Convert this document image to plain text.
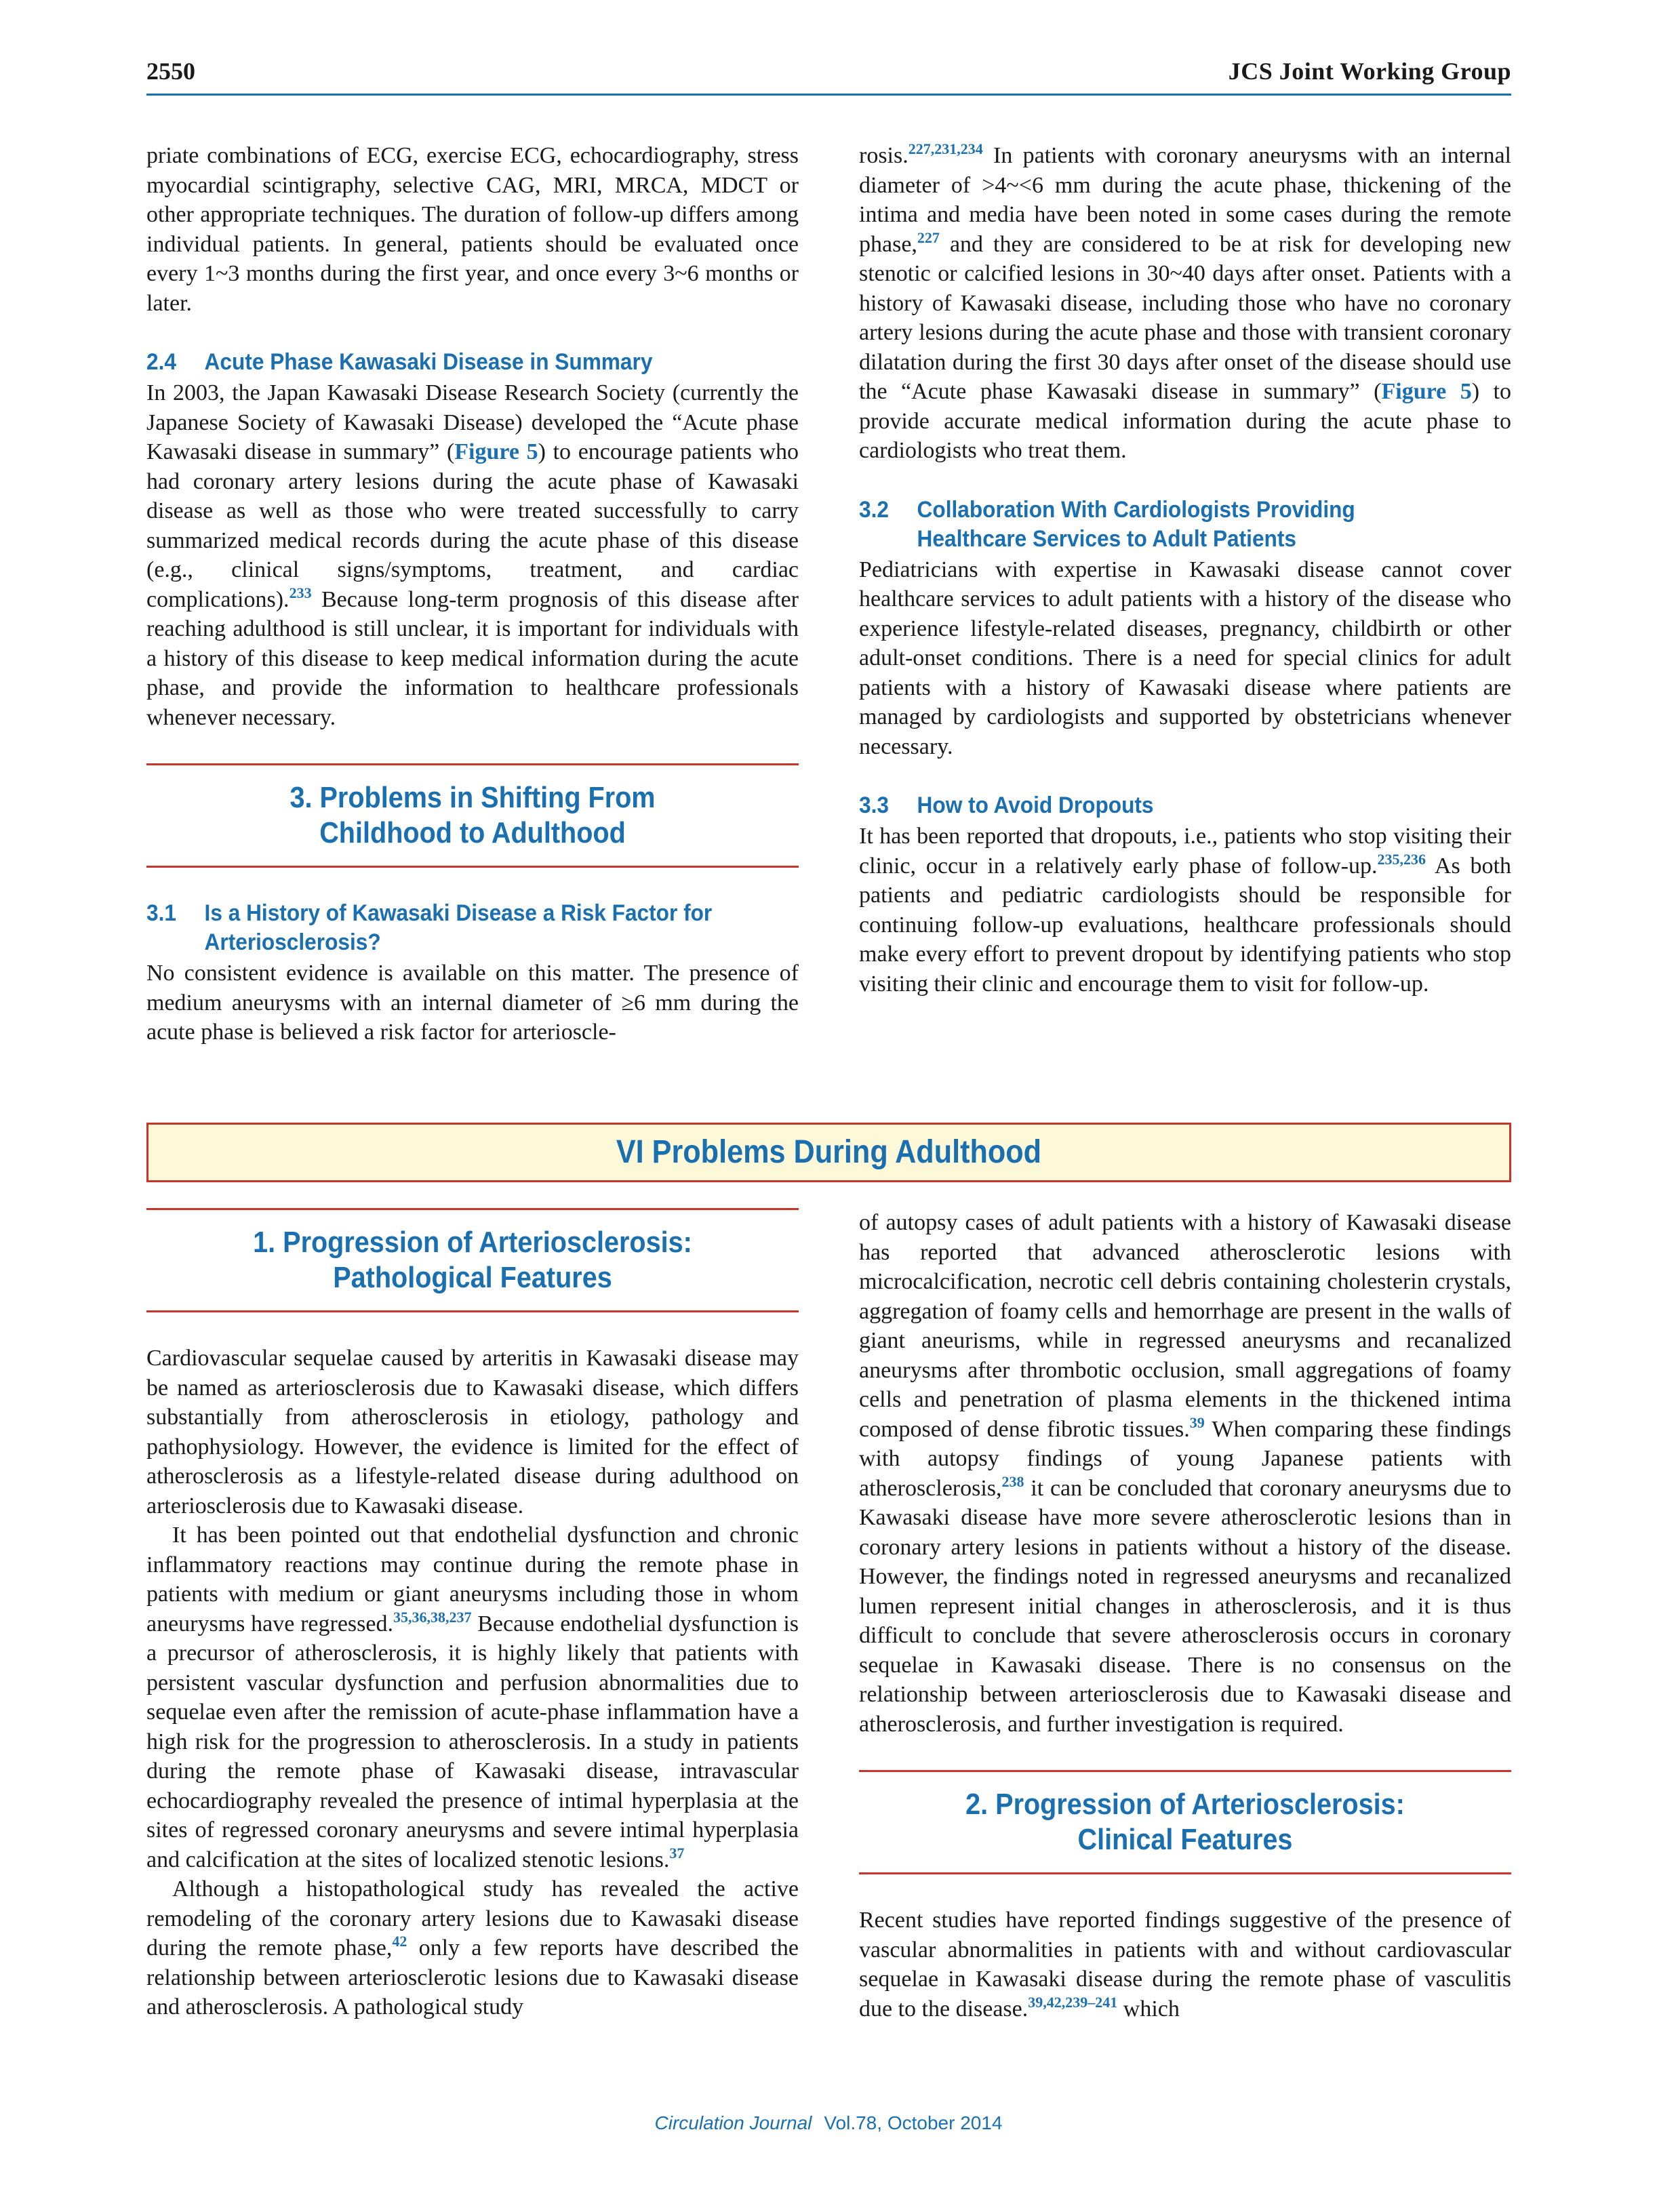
2550	JCS Joint Working Group

priate combinations of ECG, exercise ECG, echocardiography, stress myocardial scintigraphy, selective CAG, MRI, MRCA, MDCT or other appropriate techniques. The duration of follow-up differs among individual patients. In general, patients should be evaluated once every 1~3 months during the first year, and once every 3~6 months or later.

2.4 Acute Phase Kawasaki Disease in Summary

In 2003, the Japan Kawasaki Disease Research Society (currently the Japanese Society of Kawasaki Disease) developed the “Acute phase Kawasaki disease in summary” (Figure 5) to encourage patients who had coronary artery lesions during the acute phase of Kawasaki disease as well as those who were treated successfully to carry summarized medical records during the acute phase of this disease (e.g., clinical signs/symptoms, treatment, and cardiac complications).$^{233}$ Because long-term prognosis of this disease after reaching adulthood is still unclear, it is important for individuals with a history of this disease to keep medical information during the acute phase, and provide the information to healthcare professionals whenever necessary.

3. Problems in Shifting From
Childhood to Adulthood
3.1 Is a History of Kawasaki Disease a Risk Factor for Arteriosclerosis?

No consistent evidence is available on this matter. The presence of medium aneurysms with an internal diameter of ≥6 mm during the acute phase is believed a risk factor for arterioscle-

rosis.$^{227,231,234}$ In patients with coronary aneurysms with an internal diameter of >4~<6 mm during the acute phase, thickening of the intima and media have been noted in some cases during the remote phase,$^{227}$ and they are considered to be at risk for developing new stenotic or calcified lesions in 30~40 days after onset. Patients with a history of Kawasaki disease, including those who have no coronary artery lesions during the acute phase and those with transient coronary dilatation during the first 30 days after onset of the disease should use the “Acute phase Kawasaki disease in summary” (Figure 5) to provide accurate medical information during the acute phase to cardiologists who treat them.

3.2 Collaboration With Cardiologists Providing Healthcare Services to Adult Patients

Pediatricians with expertise in Kawasaki disease cannot cover healthcare services to adult patients with a history of the disease who experience lifestyle-related diseases, pregnancy, childbirth or other adult-onset conditions. There is a need for special clinics for adult patients with a history of Kawasaki disease where patients are managed by cardiologists and supported by obstetricians whenever necessary.

3.3 How to Avoid Dropouts

It has been reported that dropouts, i.e., patients who stop visiting their clinic, occur in a relatively early phase of follow-up.$^{235,236}$ As both patients and pediatric cardiologists should be responsible for continuing follow-up evaluations, healthcare professionals should make every effort to prevent dropout by identifying patients who stop visiting their clinic and encourage them to visit for follow-up.

VI Problems During Adulthood
1. Progression of Arteriosclerosis:
Pathological Features

Cardiovascular sequelae caused by arteritis in Kawasaki disease may be named as arteriosclerosis due to Kawasaki disease, which differs substantially from atherosclerosis in etiology, pathology and pathophysiology. However, the evidence is limited for the effect of atherosclerosis as a lifestyle-related disease during adulthood on arteriosclerosis due to Kawasaki disease.

It has been pointed out that endothelial dysfunction and chronic inflammatory reactions may continue during the remote phase in patients with medium or giant aneurysms including those in whom aneurysms have regressed.$^{35,36,38,237}$ Because endothelial dysfunction is a precursor of atherosclerosis, it is highly likely that patients with persistent vascular dysfunction and perfusion abnormalities due to sequelae even after the remission of acute-phase inflammation have a high risk for the progression to atherosclerosis. In a study in patients during the remote phase of Kawasaki disease, intravascular echocardiography revealed the presence of intimal hyperplasia at the sites of regressed coronary aneurysms and severe intimal hyperplasia and calcification at the sites of localized stenotic lesions.$^{37}$

Although a histopathological study has revealed the active remodeling of the coronary artery lesions due to Kawasaki disease during the remote phase,$^{42}$ only a few reports have described the relationship between arteriosclerotic lesions due to Kawasaki disease and atherosclerosis. A pathological study

of autopsy cases of adult patients with a history of Kawasaki disease has reported that advanced atherosclerotic lesions with microcalcification, necrotic cell debris containing cholesterin crystals, aggregation of foamy cells and hemorrhage are present in the walls of giant aneurisms, while in regressed aneurysms and recanalized aneurysms after thrombotic occlusion, small aggregations of foamy cells and penetration of plasma elements in the thickened intima composed of dense fibrotic tissues.$^{39}$ When comparing these findings with autopsy findings of young Japanese patients with atherosclerosis,$^{238}$ it can be concluded that coronary aneurysms due to Kawasaki disease have more severe atherosclerotic lesions than in coronary artery lesions in patients without a history of the disease. However, the findings noted in regressed aneurysms and recanalized lumen represent initial changes in atherosclerosis, and it is thus difficult to conclude that severe atherosclerosis occurs in coronary sequelae in Kawasaki disease. There is no consensus on the relationship between arteriosclerosis due to Kawasaki disease and atherosclerosis, and further investigation is required.

2. Progression of Arteriosclerosis:
Clinical Features

Recent studies have reported findings suggestive of the presence of vascular abnormalities in patients with and without cardiovascular sequelae in Kawasaki disease during the remote phase of vasculitis due to the disease.$^{39,42,239-241}$ which

Circulation Journal Vol.78, October 2014
